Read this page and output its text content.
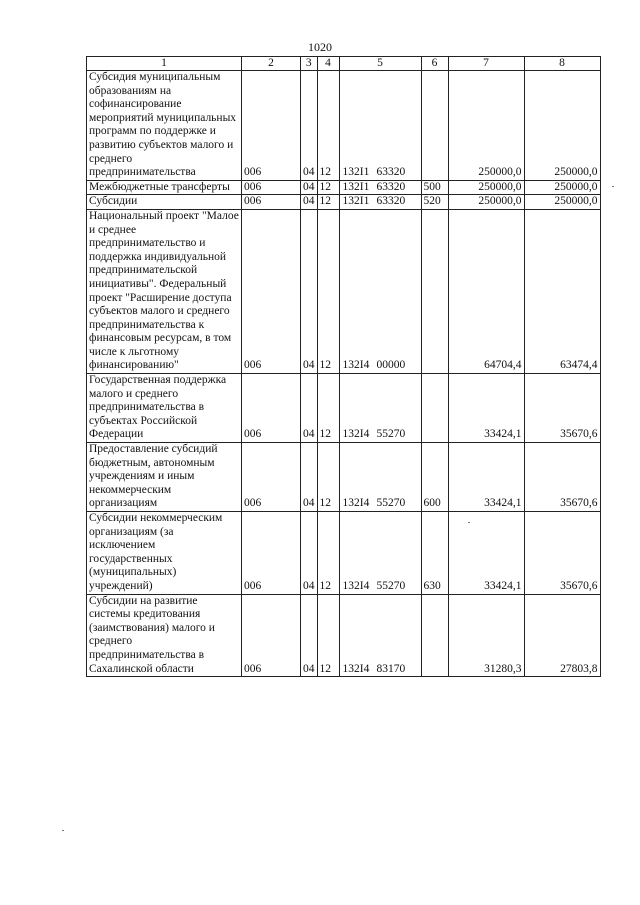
1020
1	2	3	4	5	6	7	8
Субсидия муниципальным образованиям на софинансирование мероприятий муниципальных программ по поддержке и развитию субъектов малого и среднего предпринимательства	006	04	12	132I1 63320		250000,0	250000,0
Межбюджетные трансферты	006	04	12	132I1 63320	500	250000,0	250000,0
Субсидии	006	04	12	132I1 63320	520	250000,0	250000,0
Национальный проект "Малое и среднее предпринимательство и поддержка индивидуальной предпринимательской инициативы". Федеральный проект "Расширение доступа субъектов малого и среднего предпринимательства к финансовым ресурсам, в том числе к льготному финансированию"	006	04	12	132I4 00000		64704,4	63474,4
Государственная поддержка малого и среднего предпринимательства в субъектах Российской Федерации	006	04	12	132I4 55270		33424,1	35670,6
Предоставление субсидий бюджетным, автономным учреждениям и иным некоммерческим организациям	006	04	12	132I4 55270	600	33424,1	35670,6
Субсидии некоммерческим организациям (за исключением государственных (муниципальных) учреждений)	006	04	12	132I4 55270	630	33424,1	35670,6
Субсидии на развитие системы кредитования (заимствования) малого и среднего предпринимательства в Сахалинской области	006	04	12	132I4 83170		31280,3	27803,8
